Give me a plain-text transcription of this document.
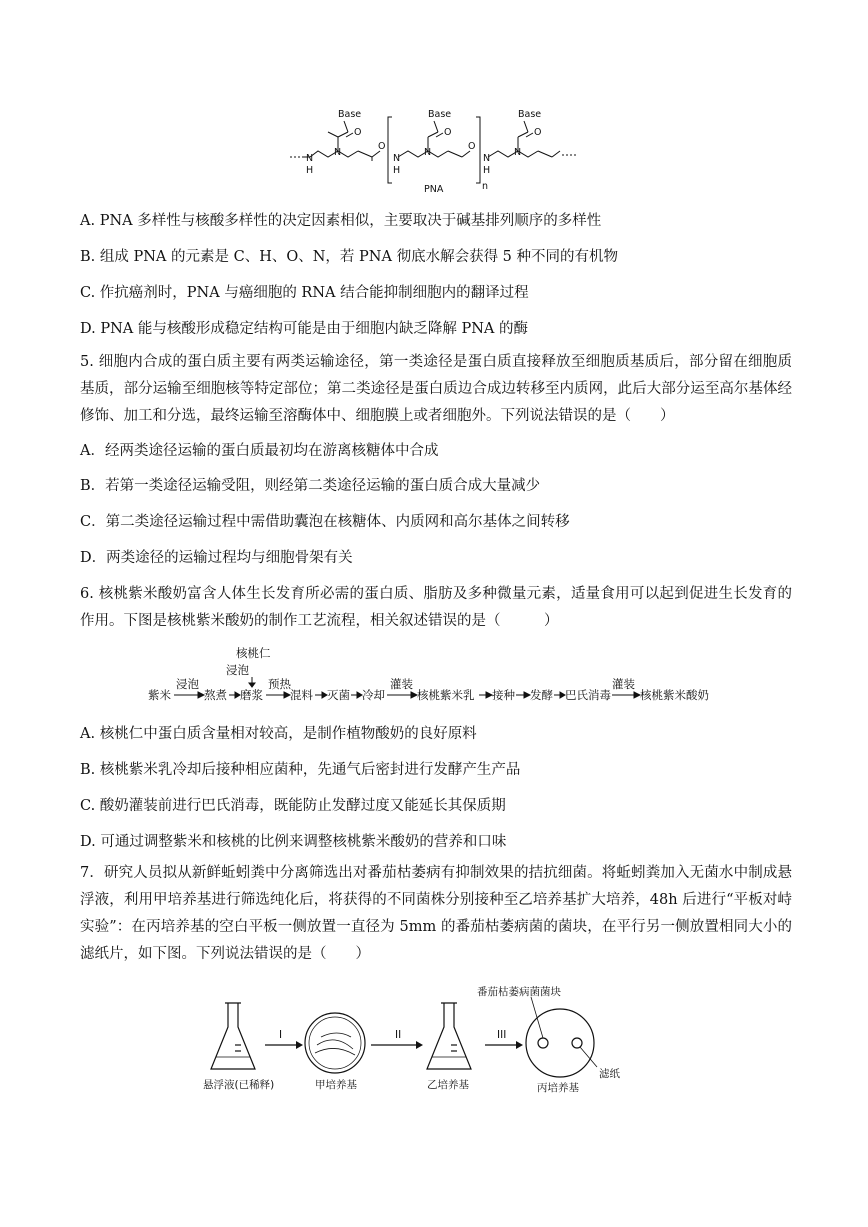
Base	Base	Base
O	O	O
O	O
N	N	N
N	N	N
H	H	H
n
PNA
A. PNA 多样性与核酸多样性的决定因素相似，主要取决于碱基排列顺序的多样性
B. 组成 PNA 的元素是 C、H、O、N，若 PNA 彻底水解会获得 5 种不同的有机物
C. 作抗癌剂时，PNA 与癌细胞的 RNA 结合能抑制细胞内的翻译过程
D. PNA 能与核酸形成稳定结构可能是由于细胞内缺乏降解 PNA 的酶
5. 细胞内合成的蛋白质主要有两类运输途径，第一类途径是蛋白质直接释放至细胞质基质后，部分留在细胞质基质，部分运输至细胞核等特定部位；第二类途径是蛋白质边合成边转移至内质网，此后大部分运至高尔基体经修饰、加工和分选，最终运输至溶酶体中、细胞膜上或者细胞外。下列说法错误的是（　　）
A．经两类途径运输的蛋白质最初均在游离核糖体中合成
B．若第一类途径运输受阻，则经第二类途径运输的蛋白质合成大量减少
C．第二类途径运输过程中需借助囊泡在核糖体、内质网和高尔基体之间转移
D．两类途径的运输过程均与细胞骨架有关
6. 核桃紫米酸奶富含人体生长发育所必需的蛋白质、脂肪及多种微量元素，适量食用可以起到促进生长发育的作用。下图是核桃紫米酸奶的制作工艺流程，相关叙述错误的是（　　　）
核桃仁
浸泡
紫米	熬煮 磨浆 混料 灭菌 冷却	核桃紫米乳 接种 发酵 巴氏消毒	核桃紫米酸奶
浸泡	预热	灌装	灌装
A. 核桃仁中蛋白质含量相对较高，是制作植物酸奶的良好原料
B. 核桃紫米乳冷却后接种相应菌种，先通气后密封进行发酵产生产品
C. 酸奶灌装前进行巴氏消毒，既能防止发酵过度又能延长其保质期
D. 可通过调整紫米和核桃的比例来调整核桃紫米酸奶的营养和口味
7．研究人员拟从新鲜蚯蚓粪中分离筛选出对番茄枯萎病有抑制效果的拮抗细菌。将蚯蚓粪加入无菌水中制成悬浮液，利用甲培养基进行筛选纯化后，将获得的不同菌株分别接种至乙培养基扩大培养，48h 后进行“平板对峙实验”：在丙培养基的空白平板一侧放置一直径为 5mm 的番茄枯萎病菌的菌块，在平行另一侧放置相同大小的滤纸片，如下图。下列说法错误的是（　　）
I	II	III
悬浮液(已稀释)	甲培养基	乙培养基	丙培养基
番茄枯萎病菌菌块
滤纸
